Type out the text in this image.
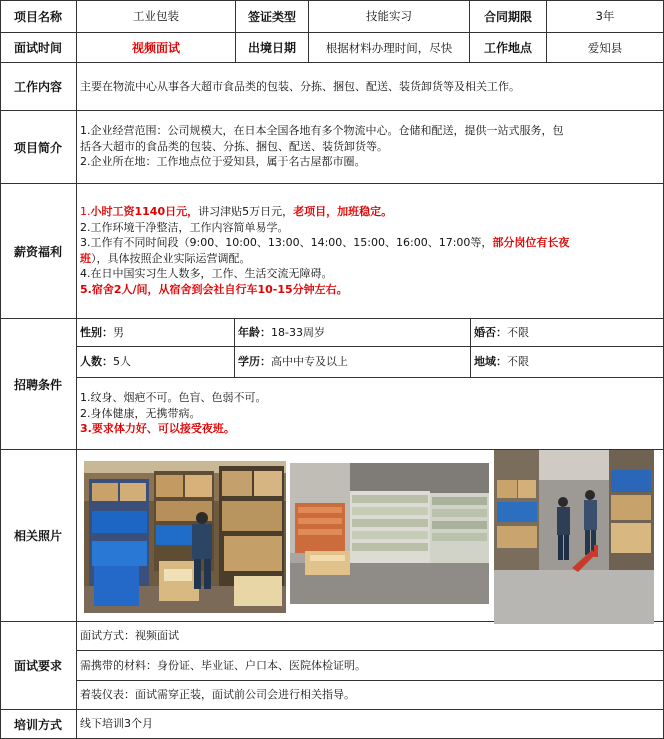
项目名称	工业包装	签证类型	技能实习	合同期限	3年
面试时间	视频面试	出境日期	根据材料办理时间，尽快	工作地点	爱知县
工作内容	主要在物流中心从事各大超市食品类的包装、分拣、捆包、配送、装货卸货等及相关工作。
项目简介
1.企业经营范围：公司规模大，在日本全国各地有多个物流中心。仓储和配送，提供一站式服务，包
括各大超市的食品类的包装、分拣、捆包、配送、装货卸货等。
2.企业所在地：工作地点位于爱知县，属于名古屋都市圈。
薪资福利
1.小时工资1140日元，讲习津贴5万日元，老项目，加班稳定。
2.工作环境干净整洁，工作内容简单易学。
3.工作有不同时间段（9:00、10:00、13:00、14:00、15:00、16:00、17:00等，部分岗位有长夜
班），具体按照企业实际运营调配。
4.在日中国实习生人数多，工作、生活交流无障碍。
5.宿舍2人/间，从宿舍到会社自行车10-15分钟左右。
招聘条件
性别： 男	年龄： 18-33周岁	婚否： 不限
人数： 5人	学历： 高中中专及以上	地域： 不限
1.纹身、烟疤不可。色盲、色弱不可。
2.身体健康，无携带病。
3.要求体力好、可以接受夜班。
相关照片
面试要求
面试方式：视频面试
需携带的材料：身份证、毕业证、户口本、医院体检证明。
着装仪表：面试需穿正装，面试前公司会进行相关指导。
培训方式	线下培训3个月
